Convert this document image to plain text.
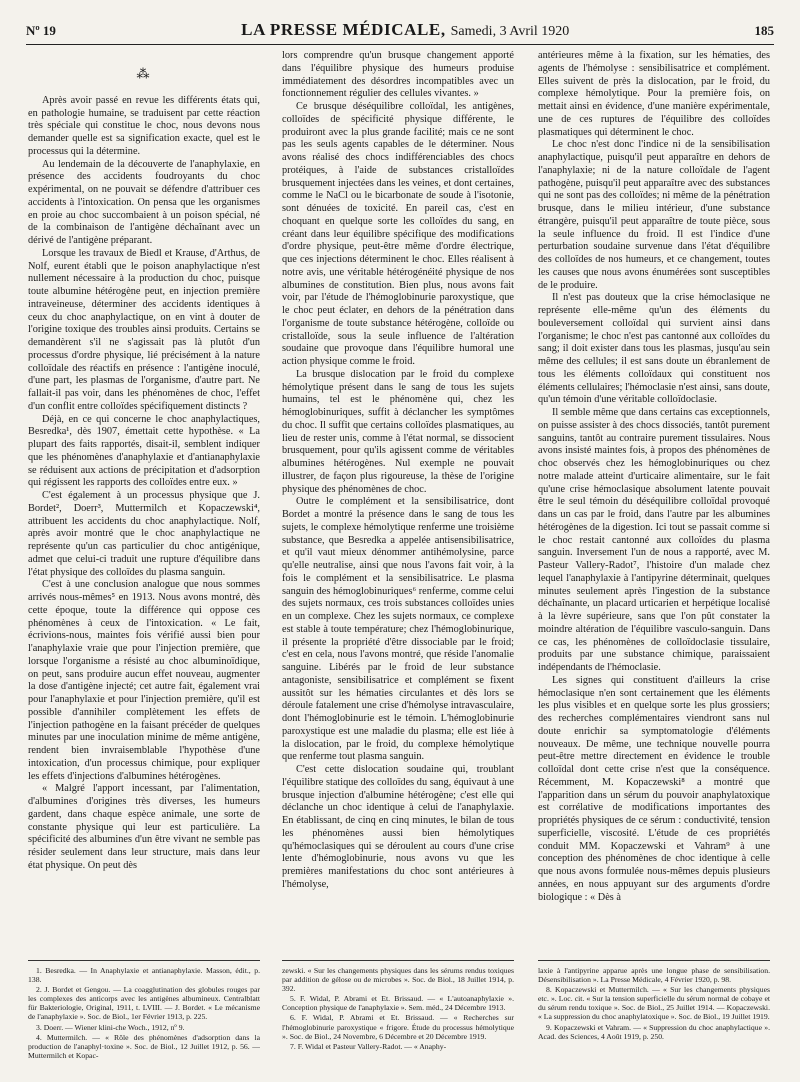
Nº 19	LA PRESSE MÉDICALE, Samedi, 3 Avril 1920	185
⁂

Après avoir passé en revue les différents états qui, en pathologie humaine, se traduisent par cette réaction très spéciale qui constitue le choc, nous devons nous demander quelle est sa signification exacte, quel est le processus qui la détermine.

Au lendemain de la découverte de l'anaphylaxie, en présence des accidents foudroyants du choc expérimental, on ne pouvait se défendre d'attribuer ces accidents à l'intoxication. On pensa que les organismes en proie au choc succombaient à un poison spécial, né de la combinaison de l'antigène déchaînant avec un dérivé de l'antigène préparant.

Lorsque les travaux de Biedl et Krause, d'Arthus, de Nolf, eurent établi que le poison anaphylactique n'est nullement nécessaire à la production du choc, puisque toute albumine hétérogène peut, en injection première intraveineuse, déterminer des accidents identiques à ceux du choc anaphylactique, on en vint à douter de l'origine toxique des troubles ainsi produits. Certains se demandèrent s'il ne s'agissait pas là plutôt d'un processus d'ordre physique, lié précisément à la nature colloïdale des réactifs en présence : l'antigène inoculé, d'une part, les plasmas de l'organisme, d'autre part. Ne fallait-il pas voir, dans les phénomènes de choc, l'effet d'un conflit entre colloïdes spécifiquement distincts ?

Déjà, en ce qui concerne le choc anaphylactiques, Besredka¹, dès 1907, émettait cette hypothèse. « La plupart des faits rapportés, disait-il, semblent indiquer que les phénomènes d'anaphylaxie et d'antianaphylaxie se réduisent aux actions de précipitation et d'adsorption qui régissent les rapports des colloïdes entre eux. »

C'est également à un processus physique que J. Bordet², Doerr³, Muttermilch et Kopaczewski⁴, attribuent les accidents du choc anaphylactique. Nolf, après avoir montré que le choc anaphylactique ne représente qu'un cas particulier du choc antigénique, admet que celui-ci traduit une rupture d'équilibre dans l'état physique des colloïdes du plasma sanguin.

C'est à une conclusion analogue que nous sommes arrivés nous-mêmes⁵ en 1913. Nous avons montré, dès cette époque, toute la différence qui oppose ces phénomènes à ceux de l'intoxication. « Le fait, écrivions-nous, maintes fois vérifié aussi bien pour l'anaphylaxie vraie que pour l'injection première, que lorsque l'organisme a résisté au choc albuminoïdique, on peut, sans produire aucun effet nouveau, augmenter la dose d'antigène injecté; cet autre fait, également vrai pour l'anaphylaxie et pour l'injection première, qu'il est possible d'annihiler complètement les effets de l'injection pathogène en la faisant précéder de quelques minutes par une inoculation minime de même antigène, rendent bien invraisemblable l'hypothèse d'une intoxication, d'un processus chimique, pour expliquer les effets d'injections d'albumines hétérogènes.

« Malgré l'apport incessant, par l'alimentation, d'albumines d'origines très diverses, les humeurs gardent, dans chaque espèce animale, une sorte de constante physique qui leur est particulière. La spécificité des albumines d'un être vivant ne semble pas résider seulement dans leur structure, mais dans leur état physique. On peut dès

lors comprendre qu'un brusque changement apporté dans l'équilibre physique des humeurs produise immédiatement des désordres incompatibles avec un fonctionnement régulier des cellules vivantes. »

Ce brusque déséquilibre colloïdal, les antigènes, colloïdes de spécificité physique différente, le produiront avec la plus grande facilité; mais ce ne sont pas les seuls agents capables de le déterminer. Nous avons réalisé des chocs indifférenciables des chocs protéiques, à l'aide de substances cristalloïdes brusquement injectées dans les veines, et dont certaines, comme le NaCl ou le bicarbonate de soude à l'isotonie, sont dénuées de toxicité. En pareil cas, c'est en choquant en quelque sorte les colloïdes du sang, en créant dans leur équilibre spécifique des modifications d'ordre physique, peut-être même d'ordre électrique, que ces injections déterminent le choc. Elles réalisent à notre avis, une véritable hétérogénéité physique de nos albumines de constitution. Bien plus, nous avons fait voir, par l'étude de l'hémoglobinurie paroxystique, que le choc peut éclater, en dehors de la pénétration dans l'organisme de toute substance hétérogène, colloïde ou cristalloïde, sous la seule influence de l'altération soudaine que provoque dans l'équilibre humoral une action physique comme le froid.

La brusque dislocation par le froid du complexe hémolytique présent dans le sang de tous les sujets humains, tel est le phénomène qui, chez les hémoglobinuriques, suffit à déclancher les symptômes du choc. Il suffit que certains colloïdes plasmatiques, au lieu de rester unis, comme à l'état normal, se dissocient brusquement, pour qu'ils agissent comme de véritables albumines hétérogènes. Nul exemple ne pouvait illustrer, de façon plus rigoureuse, la thèse de l'origine physique des phénomènes de choc.

Outre le complément et la sensibilisatrice, dont Bordet a montré la présence dans le sang de tous les sujets, le complexe hémolytique renferme une troisième substance, que Besredka a appelée antisensibilisatrice, et qu'il vaut mieux dénommer antihémolysine, parce qu'elle neutralise, ainsi que nous l'avons fait voir, à la fois le complément et la sensibilisatrice. Le plasma sanguin des hémoglobinuriques⁶ renferme, comme celui des sujets normaux, ces trois substances colloïdes unies en un complexe. Chez les sujets normaux, ce complexe est stable à toute température; chez l'hémoglobinurique, il présente la propriété d'être dissociable par le froid; c'est en cela, nous l'avons montré, que réside l'anomalie sanguine. Libérés par le froid de leur substance antagoniste, sensibilisatrice et complément se fixent aussitôt sur les hématies circulantes et dès lors se déroule fatalement une crise d'hémolyse intravasculaire, dont l'hémoglobinurie est le témoin. L'hémoglobinurie paroxystique est une maladie du plasma; elle est liée à la dislocation, par le froid, du complexe hémolytique que renferme tout plasma sanguin.

C'est cette dislocation soudaine qui, troublant l'équilibre statique des colloïdes du sang, équivaut à une brusque injection d'albumine hétérogène; c'est elle qui déclanche un choc identique à celui de l'anaphylaxie. En établissant, de cinq en cinq minutes, le bilan de tous les phénomènes aussi bien hémolytiques qu'hémoclasiques qui se déroulent au cours d'une crise lente d'hémoglobinurie, nous avons vu que les premières manifestations du choc sont antérieures à l'hémolyse,

antérieures même à la fixation, sur les hématies, des agents de l'hémolyse : sensibilisatrice et complément. Elles suivent de près la dislocation, par le froid, du complexe hémolytique. Pour la première fois, on mettait ainsi en évidence, d'une manière expérimentale, une de ces ruptures de l'équilibre des colloïdes plasmatiques qui déterminent le choc.

Le choc n'est donc l'indice ni de la sensibilisation anaphylactique, puisqu'il peut apparaître en dehors de l'anaphylaxie; ni de la nature colloïdale de l'agent pathogène, puisqu'il peut apparaître avec des substances qui ne sont pas des colloïdes; ni même de la pénétration brusque, dans le milieu intérieur, d'une substance étrangère, puisqu'il peut apparaître de toute pièce, sous la seule influence du froid. Il est l'indice d'une perturbation soudaine survenue dans l'état d'équilibre des colloïdes de nos humeurs, et ce changement, toutes les causes que nous avons énumérées sont susceptibles de le produire.

Il n'est pas douteux que la crise hémoclasique ne représente elle-même qu'un des éléments du bouleversement colloïdal qui survient ainsi dans l'organisme; le choc n'est pas cantonné aux colloïdes du sang; il doit exister dans tous les plasmas, jusqu'au sein même des cellules; il est sans doute un ébranlement de tous les éléments colloïdaux qui constituent nos éléments cellulaires; l'hémoclasie n'est ainsi, sans doute, qu'un témoin d'une véritable colloïdoclasie.

Il semble même que dans certains cas exceptionnels, on puisse assister à des chocs dissociés, tantôt purement sanguins, tantôt au contraire purement tissulaires. Nous avons insisté maintes fois, à propos des phénomènes de choc observés chez les hémoglobinuriques ou chez notre malade atteint d'urticaire alimentaire, sur le fait qu'une crise hémoclasique absolument latente pouvait être le seul témoin du déséquilibre colloïdal provoqué dans un cas par le froid, dans l'autre par les albumines hétérogènes de la digestion. Ici tout se passait comme si le choc restait cantonné aux colloïdes du plasma sanguin. Inversement l'un de nous a rapporté, avec M. Pasteur Vallery-Radot⁷, l'histoire d'un malade chez lequel l'anaphylaxie à l'antipyrine déterminait, quelques minutes seulement après l'ingestion de la substance déchaînante, un placard urticarien et herpétique localisé à la lèvre supérieure, sans que l'on pût constater la moindre altération de l'équilibre vasculo-sanguin. Dans ce cas, les phénomènes de colloïdoclasie tissulaire, produits par une substance chimique, paraissaient indépendants de l'hémoclasie.

Les signes qui constituent d'ailleurs la crise hémoclasique n'en sont certainement que les éléments les plus visibles et en quelque sorte les plus grossiers; des recherches complémentaires viendront sans nul doute enrichir sa symptomatologie d'éléments nouveaux. De même, une technique nouvelle pourra peut-être mettre directement en évidence le trouble colloïdal dont cette crise n'est que la conséquence. Récemment, M. Kopaczewski⁸ a montré que l'apparition dans un sérum du pouvoir anaphylatoxique est corrélative de modifications importantes des propriétés physiques de ce sérum : conductivité, tension superficielle, viscosité. L'étude de ces propriétés conduit MM. Kopaczewski et Vahram⁹ à une conception des phénomènes de choc identique à celle que nous avons formulée nous-mêmes depuis plusieurs années, en nous appuyant sur des arguments d'ordre biologique : « Dès à

1. Besredka. — In Anaphylaxie et antianaphylaxie. Masson, édit., p. 138.

2. J. Bordet et Gengou. — La coagglutination des globules rouges par les complexes des anticorps avec les antigènes albumineux. Centralblatt für Bakteriologie, Original, 1911, t. LVIII. — J. Bordet. « Le mécanisme de l'anaphylaxie ». Soc. de Biol., 1er Février 1913, p. 225.

3. Doerr. — Wiener klini-che Woch., 1912, nº 9.

4. Muttermilch. — « Rôle des phénomènes d'adsorption dans la production de l'anaphyl·toxine ». Soc. de Biol., 12 Juillet 1912, p. 56. — Muttermilch et Kopac-

zewski. « Sur les changements physiques dans les sérums rendus toxiques par addition de gélose ou de microbes ». Soc. de Biol., 18 Juillet 1914, p. 392.

5. F. Widal, P. Abrami et Et. Brissaud. — « L'autoanaphylaxie ». Conception physique de l'anaphylaxie ». Sem. méd., 24 Décembre 1913.

6. F. Widal, P. Abrami et Et. Brissaud. — « Recherches sur l'hémoglobinurie paroxystique « frigore. Étude du processus hémolytique ». Soc. de Biol., 24 Novembre, 6 Décembre et 20 Décembre 1919.

7. F. Widal et Pasteur Vallery-Radot. — « Anaphy-

laxie à l'antipyrine apparue après une longue phase de sensibilisation. Désensibilisation ». La Presse Médicale, 4 Février 1920, p. 98.

8. Kopaczewski et Muttermilch. — « Sur les changements physiques etc. ». Loc. cit. « Sur la tension superficielle du sérum normal de cobaye et du sérum rendu toxique ». Soc. de Biol., 25 Juillet 1914. — Kopaczewski. « La suppression du choc anaphylatoxique ». Soc. de Biol., 19 Juillet 1919.

9. Kopaczewski et Vahram. — « Suppression du choc anaphylactique ». Acad. des Sciences, 4 Août 1919, p. 250.
